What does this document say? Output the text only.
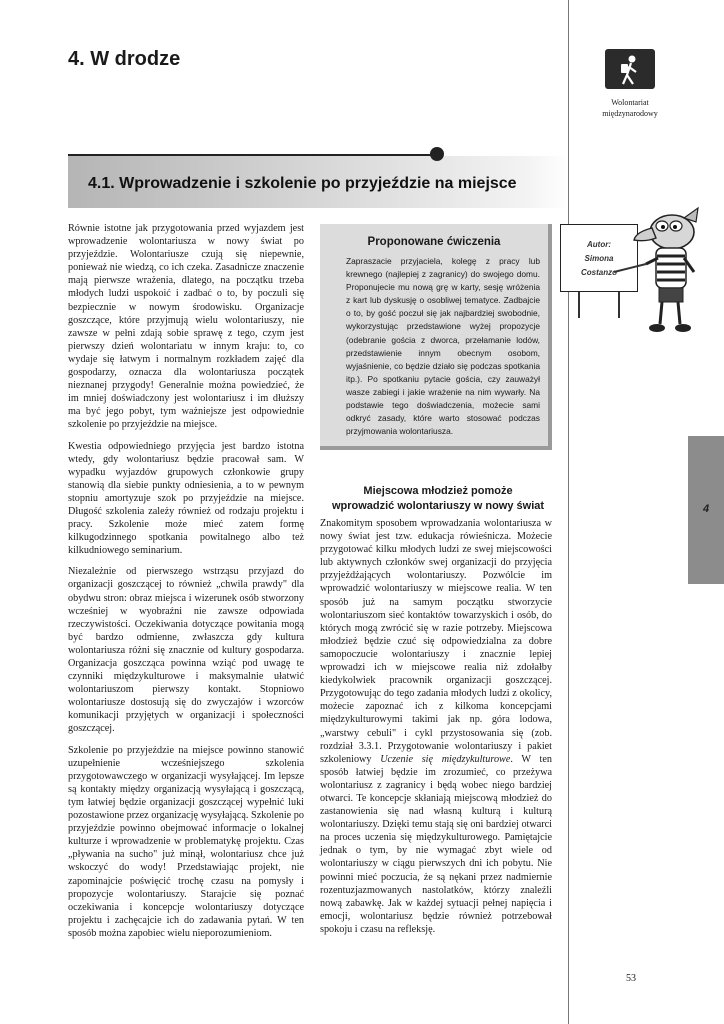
4. W drodze
Wolontariat
międzynarodowy
4.1. Wprowadzenie i szkolenie po przyjeździe na miejsce

Równie istotne jak przygotowania przed wyjazdem jest wprowadzenie wolontariusza w nowy świat po przyjeździe. Wolontariusze czują się niepewnie, ponieważ nie wiedzą, co ich czeka. Zasadnicze znaczenie mają pierwsze wrażenia, dlatego, na początku trzeba młodych ludzi uspokoić i zadbać o to, by poczuli się bezpiecznie w nowym środowisku. Organizacje goszczące, które przyjmują wielu wolontariuszy, nie zawsze w pełni zdają sobie sprawę z tego, czym jest pierwszy dzień wolontariatu w innym kraju: to, co wydaje się łatwym i normalnym rozkładem zajęć dla gospodarzy, oznacza dla wolontariusza początek nieznanej przygody! Generalnie można powiedzieć, że im mniej doświadczony jest wolontariusz i im dłuższy ma być jego pobyt, tym ważniejsze jest odpowiednie szkolenie po przyjeździe na miejsce.

Kwestia odpowiedniego przyjęcia jest bardzo istotna wtedy, gdy wolontariusz będzie pracował sam. W wypadku wyjazdów grupowych członkowie grupy stanowią dla siebie punkty odniesienia, a to w pewnym stopniu amortyzuje szok po przyjeździe na miejsce. Długość szkolenia zależy również od rodzaju projektu i pracy. Szkolenie może mieć zatem formę kilkugodzinnego spotkania powitalnego albo też kilkudniowego seminarium.

Niezależnie od pierwszego wstrząsu przyjazd do organizacji goszczącej to również „chwila prawdy" dla obydwu stron: obraz miejsca i wizerunek osób stworzony wcześniej w wyobraźni nie zawsze odpowiada rzeczywistości. Oczekiwania dotyczące powitania mogą być bardzo odmienne, zwłaszcza gdy kultura wolontariusza różni się znacznie od kultury gospodarza. Organizacja goszcząca powinna wziąć pod uwagę te czynniki międzykulturowe i maksymalnie ułatwić wolontariuszom pierwszy kontakt. Stopniowo wolontariusze dostosują się do zwyczajów i wzorców komunikacji przyjętych w organizacji i społeczności goszczącej.

Szkolenie po przyjeździe na miejsce powinno stanowić uzupełnienie wcześniejszego szkolenia przygotowawczego w organizacji wysyłającej. Im lepsze są kontakty między organizacją wysyłającą i goszczącą, tym łatwiej będzie organizacji goszczącej wypełnić luki pozostawione przez organizację wysyłającą. Szkolenie po przyjeździe powinno obejmować informacje o lokalnej kulturze i wprowadzenie w problematykę projektu. Czas „pływania na sucho" już minął, wolontariusz chce już wskoczyć do wody! Przedstawiając projekt, nie zapominajcie poświęcić trochę czasu na pomysły i propozycje wolontariuszy. Starajcie się poznać oczekiwania i koncepcje wolontariuszy dotyczące projektu i zachęcajcie ich do zadawania pytań. W ten sposób można zapobiec wielu nieporozumieniom.

Proponowane ćwiczenia
Zapraszacie przyjaciela, kolegę z pracy lub krewnego (najlepiej z zagranicy) do swojego domu. Proponujecie mu nową grę w karty, sesję wróżenia z kart lub dyskusję o osobliwej tematyce. Zadbajcie o to, by gość poczuł się jak najbardziej swobodnie, wykorzystując przedstawione wyżej propozycje (odebranie gościa z dworca, przełamanie lodów, przedstawienie innym obecnym osobom, wyjaśnienie, co będzie działo się podczas spotkania itp.). Po spotkaniu pytacie gościa, czy zauważył wasze zabiegi i jakie wrażenie na nim wywarły. Na podstawie tego doświadczenia, możecie sami odkryć zasady, które warto stosować podczas przyjmowania wolontariusza.
Autor:
Simona
Costanzo
Miejscowa młodzież pomoże
wprowadzić wolontariuszy w nowy świat

Znakomitym sposobem wprowadzania wolontariusza w nowy świat jest tzw. edukacja rówieśnicza. Możecie przygotować kilku młodych ludzi ze swej miejscowości lub aktywnych członków swej organizacji do przyjęcia przyjeżdżających wolontariuszy. Pozwólcie im wprowadzić wolontariuszy w miejscowe realia. W ten sposób już na samym początku stworzycie wolontariuszom sieć kontaktów towarzyskich i osób, do których mogą zwrócić się w razie potrzeby. Miejscowa młodzież będzie czuć się odpowiedzialna za dobre samopoczucie wolontariuszy i znacznie lepiej wprowadzi ich w miejscowe realia niż zdołałby kiedykolwiek pracownik organizacji goszczącej. Przygotowując do tego zadania młodych ludzi z okolicy, możecie zapoznać ich z kilkoma koncepcjami międzykulturowymi takimi jak np. góra lodowa, „warstwy cebuli" i cykl przystosowania się (zob. rozdział 3.3.1. Przygotowanie wolontariuszy i pakiet szkoleniowy Uczenie się międzykulturowe. W ten sposób łatwiej będzie im zrozumieć, co przeżywa wolontariusz z zagranicy i będą wobec niego bardziej otwarci. Te koncepcje skłaniają miejscową młodzież do zastanowienia się nad własną kulturą i kulturą wolontariuszy. Dzięki temu stają się oni bardziej otwarci na proces uczenia się międzykulturowego. Pamiętajcie jednak o tym, by nie wymagać zbyt wiele od wolontariuszy w ciągu pierwszych dni ich pobytu. Nie powinni mieć poczucia, że są nękani przez nadmiernie rozentuzjazmowanych nastolatków, którzy znaleźli nową zabawkę. Jak w każdej sytuacji pełnej napięcia i emocji, wolontariusz będzie również potrzebował spokoju i czasu na refleksję.

4
53
